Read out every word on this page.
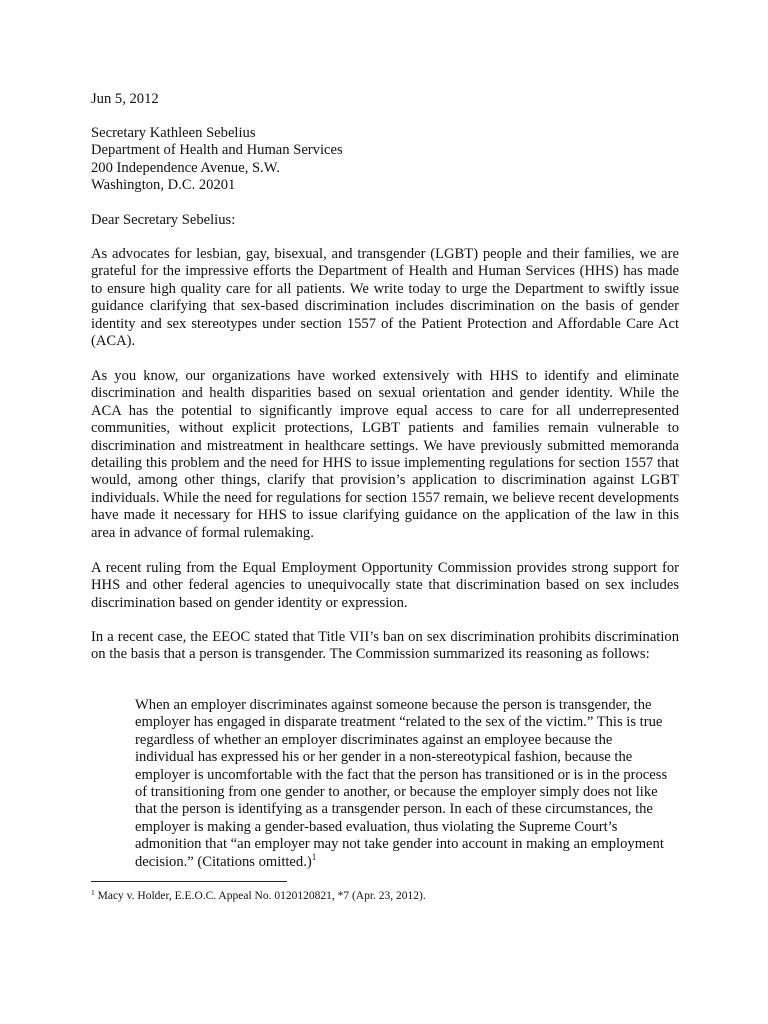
Jun 5, 2012

Secretary Kathleen Sebelius
Department of Health and Human Services
200 Independence Avenue, S.W.
Washington, D.C. 20201

Dear Secretary Sebelius:

As advocates for lesbian, gay, bisexual, and transgender (LGBT) people and their families, we are grateful for the impressive efforts the Department of Health and Human Services (HHS) has made to ensure high quality care for all patients. We write today to urge the Department to swiftly issue guidance clarifying that sex-based discrimination includes discrimination on the basis of gender identity and sex stereotypes under section 1557 of the Patient Protection and Affordable Care Act (ACA).

As you know, our organizations have worked extensively with HHS to identify and eliminate discrimination and health disparities based on sexual orientation and gender identity. While the ACA has the potential to significantly improve equal access to care for all underrepresented communities, without explicit protections, LGBT patients and families remain vulnerable to discrimination and mistreatment in healthcare settings. We have previously submitted memoranda detailing this problem and the need for HHS to issue implementing regulations for section 1557 that would, among other things, clarify that provision’s application to discrimination against LGBT individuals. While the need for regulations for section 1557 remain, we believe recent developments have made it necessary for HHS to issue clarifying guidance on the application of the law in this area in advance of formal rulemaking.

A recent ruling from the Equal Employment Opportunity Commission provides strong support for HHS and other federal agencies to unequivocally state that discrimination based on sex includes discrimination based on gender identity or expression.

In a recent case, the EEOC stated that Title VII’s ban on sex discrimination prohibits discrimination on the basis that a person is transgender. The Commission summarized its reasoning as follows:

When an employer discriminates against someone because the person is transgender, the employer has engaged in disparate treatment “related to the sex of the victim.” This is true regardless of whether an employer discriminates against an employee because the individual has expressed his or her gender in a non-stereotypical fashion, because the employer is uncomfortable with the fact that the person has transitioned or is in the process of transitioning from one gender to another, or because the employer simply does not like that the person is identifying as a transgender person. In each of these circumstances, the employer is making a gender-based evaluation, thus violating the Supreme Court’s admonition that “an employer may not take gender into account in making an employment decision.” (Citations omitted.)$^1$

$^1$ Macy v. Holder, E.E.O.C. Appeal No. 0120120821, *7 (Apr. 23, 2012).
